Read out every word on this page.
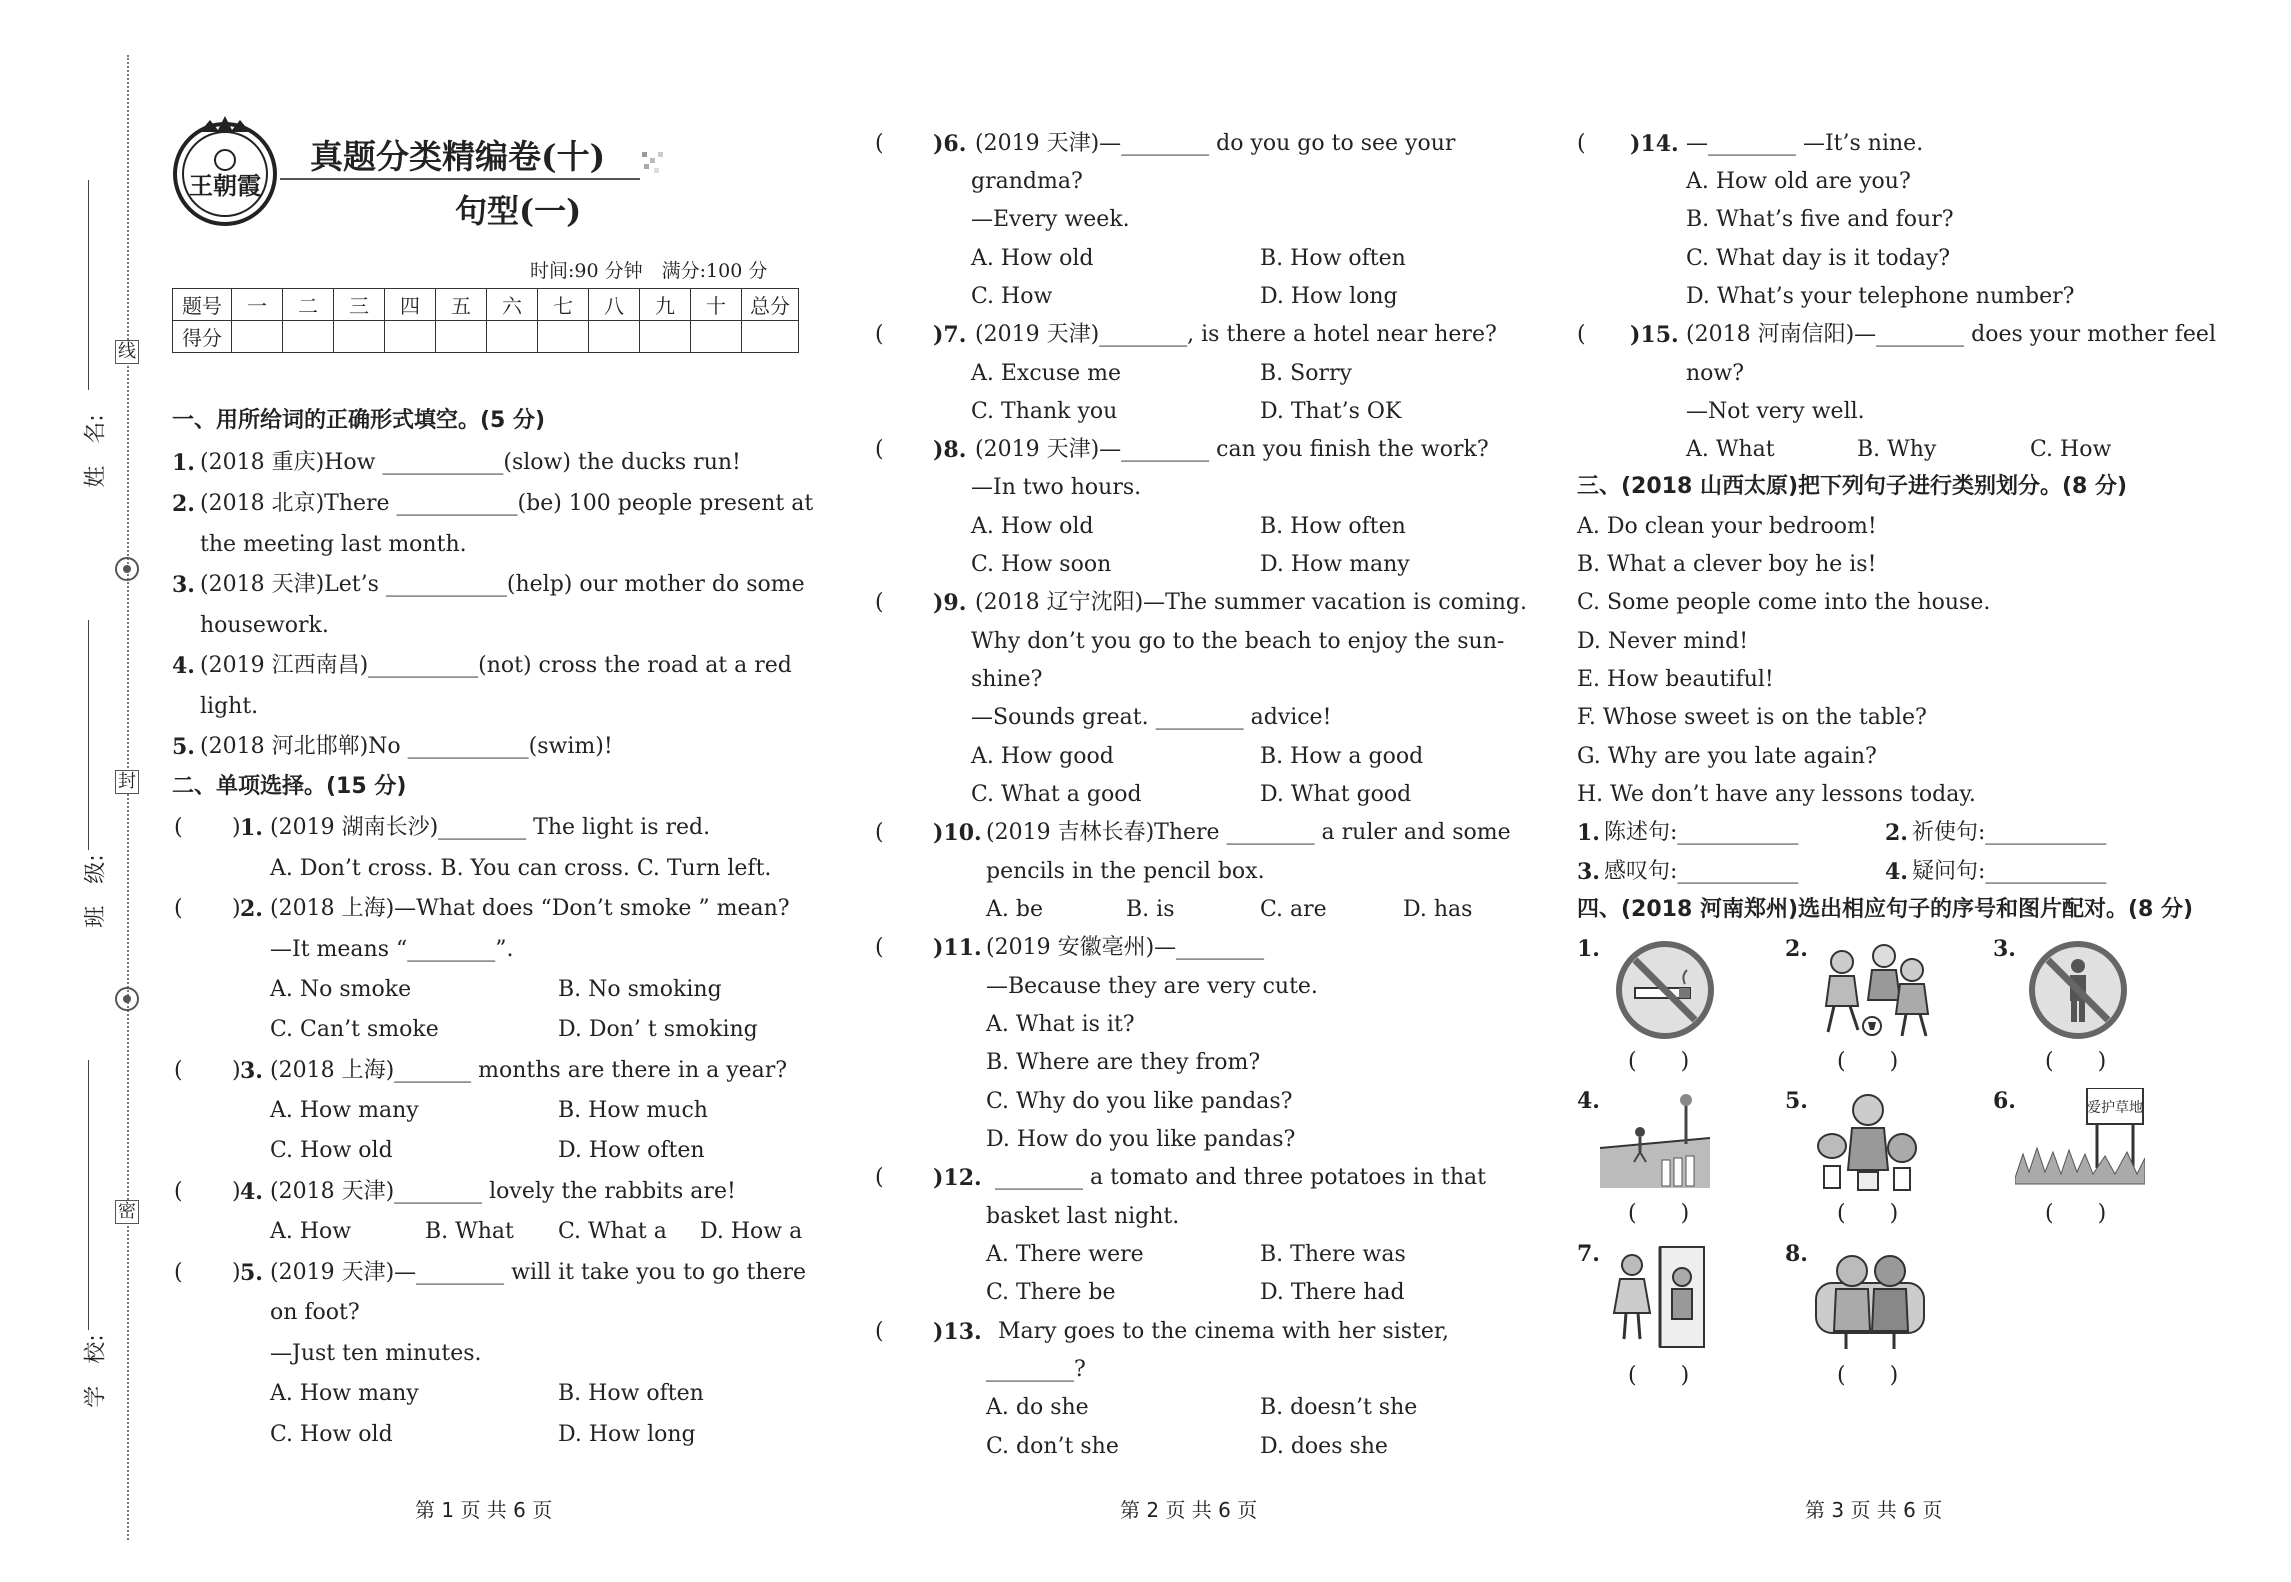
姓　名:
班　级:
学　校:
线
封
密
王朝霞
真题分类精编卷(十)
句型(一)
时间:90 分钟　满分:100 分
题号	一	二	三	四	五	六	七	八	九	十	总分
得分											
一、用所给词的正确形式填空。(5 分)
1. (2018 重庆)How ___________(slow) the ducks run!
2. (2018 北京)There ___________(be) 100 people present at
the meeting last month.
3. (2018 天津)Let’s ___________(help) our mother do some
housework.
4. (2019 江西南昌)__________(not) cross the road at a red
light.
5. (2018 河北邯郸)No ___________(swim)!
二、单项选择。(15 分)
( ) 1. (2019 湖南长沙)________ The light is red.
A. Don’t cross. B. You can cross. C. Turn left.
( ) 2. (2018 上海)—What does “Don’t smoke ” mean?
—It means “________”.
A. No smoke	B. No smoking
C. Can’t smoke	D. Don’ t smoking
( ) 3. (2018 上海)_______ months are there in a year?
A. How many	B. How much
C. How old	D. How often
( ) 4. (2018 天津)________ lovely the rabbits are!
A. How	B. What C. What a D. How a
( ) 5. (2019 天津)—________ will it take you to go there
on foot?
—Just ten minutes.
A. How many	B. How often
C. How old	D. How long
第 1 页 共 6 页
( )6. (2019 天津)—________ do you go to see your
grandma?
—Every week.
A. How old	B. How often
C. How	D. How long
( )7. (2019 天津)________, is there a hotel near here?
A. Excuse me	B. Sorry
C. Thank you	D. That’s OK
( )8. (2019 天津)—________ can you finish the work?
—In two hours.
A. How old	B. How often
C. How soon	D. How many
( )9. (2018 辽宁沈阳)—The summer vacation is coming.
Why don’t you go to the beach to enjoy the sun-
shine?
—Sounds great. ________ advice!
A. How good	B. How a good
C. What a good	D. What good
( )10. (2019 吉林长春)There ________ a ruler and some
pencils in the pencil box.
A. be	B. is	C. are	D. has
( )11. (2019 安徽亳州)—________
—Because they are very cute.
A. What is it?
B. Where are they from?
C. Why do you like pandas?
D. How do you like pandas?
( )12. ________ a tomato and three potatoes in that
basket last night.
A. There were	B. There was
C. There be	D. There had
( )13. Mary goes to the cinema with her sister,
________?
A. do she	B. doesn’t she
C. don’t she	D. does she
第 2 页 共 6 页
( )14. —________ —It’s nine.
A. How old are you?
B. What’s five and four?
C. What day is it today?
D. What’s your telephone number?
( )15. (2018 河南信阳)—________ does your mother feel
now?
—Not very well.
A. What	B. Why	C. How
三、(2018 山西太原)把下列句子进行类别划分。(8 分)
A. Do clean your bedroom!
B. What a clever boy he is!
C. Some people come into the house.
D. Never mind!
E. How beautiful!
F. Whose sweet is on the table?
G. Why are you late again?
H. We don’t have any lessons today.
1. 陈述句:___________	2. 祈使句:___________
3. 感叹句:___________	4. 疑问句:___________
四、(2018 河南郑州)选出相应句子的序号和图片配对。(8 分)
1.
(　　)
2.
(　　)
3.
(　　)
4.
(　　)
5.
(　　)
6.	爱护草地
(　　)
7.
(　　)
8.
(　　)
第 3 页 共 6 页
